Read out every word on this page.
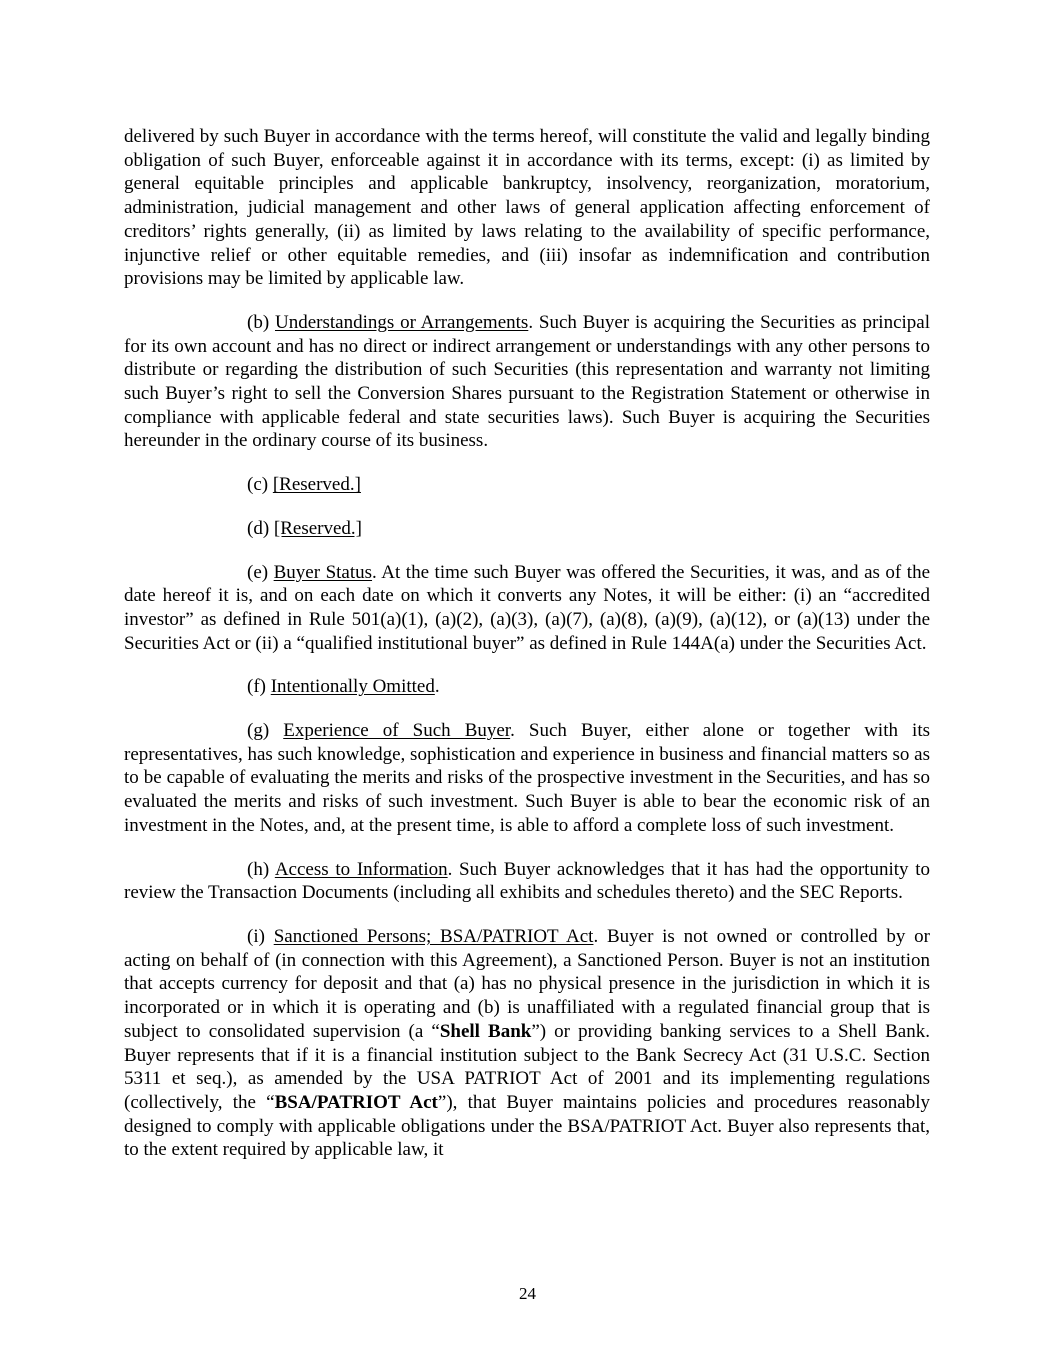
delivered by such Buyer in accordance with the terms hereof, will constitute the valid and legally binding obligation of such Buyer, enforceable against it in accordance with its terms, except: (i) as limited by general equitable principles and applicable bankruptcy, insolvency, reorganization, moratorium, administration, judicial management and other laws of general application affecting enforcement of creditors’ rights generally, (ii) as limited by laws relating to the availability of specific performance, injunctive relief or other equitable remedies, and (iii) insofar as indemnification and contribution provisions may be limited by applicable law.

(b) Understandings or Arrangements. Such Buyer is acquiring the Securities as principal for its own account and has no direct or indirect arrangement or understandings with any other persons to distribute or regarding the distribution of such Securities (this representation and warranty not limiting such Buyer’s right to sell the Conversion Shares pursuant to the Registration Statement or otherwise in compliance with applicable federal and state securities laws). Such Buyer is acquiring the Securities hereunder in the ordinary course of its business.

(c) [Reserved.]

(d) [Reserved.]

(e) Buyer Status. At the time such Buyer was offered the Securities, it was, and as of the date hereof it is, and on each date on which it converts any Notes, it will be either: (i) an “accredited investor” as defined in Rule 501(a)(1), (a)(2), (a)(3), (a)(7), (a)(8), (a)(9), (a)(12), or (a)(13) under the Securities Act or (ii) a “qualified institutional buyer” as defined in Rule 144A(a) under the Securities Act.

(f) Intentionally Omitted.

(g) Experience of Such Buyer. Such Buyer, either alone or together with its representatives, has such knowledge, sophistication and experience in business and financial matters so as to be capable of evaluating the merits and risks of the prospective investment in the Securities, and has so evaluated the merits and risks of such investment. Such Buyer is able to bear the economic risk of an investment in the Notes, and, at the present time, is able to afford a complete loss of such investment.

(h) Access to Information. Such Buyer acknowledges that it has had the opportunity to review the Transaction Documents (including all exhibits and schedules thereto) and the SEC Reports.

(i) Sanctioned Persons; BSA/PATRIOT Act. Buyer is not owned or controlled by or acting on behalf of (in connection with this Agreement), a Sanctioned Person. Buyer is not an institution that accepts currency for deposit and that (a) has no physical presence in the jurisdiction in which it is incorporated or in which it is operating and (b) is unaffiliated with a regulated financial group that is subject to consolidated supervision (a “Shell Bank”) or providing banking services to a Shell Bank. Buyer represents that if it is a financial institution subject to the Bank Secrecy Act (31 U.S.C. Section 5311 et seq.), as amended by the USA PATRIOT Act of 2001 and its implementing regulations (collectively, the “BSA/PATRIOT Act”), that Buyer maintains policies and procedures reasonably designed to comply with applicable obligations under the BSA/PATRIOT Act. Buyer also represents that, to the extent required by applicable law, it

24
